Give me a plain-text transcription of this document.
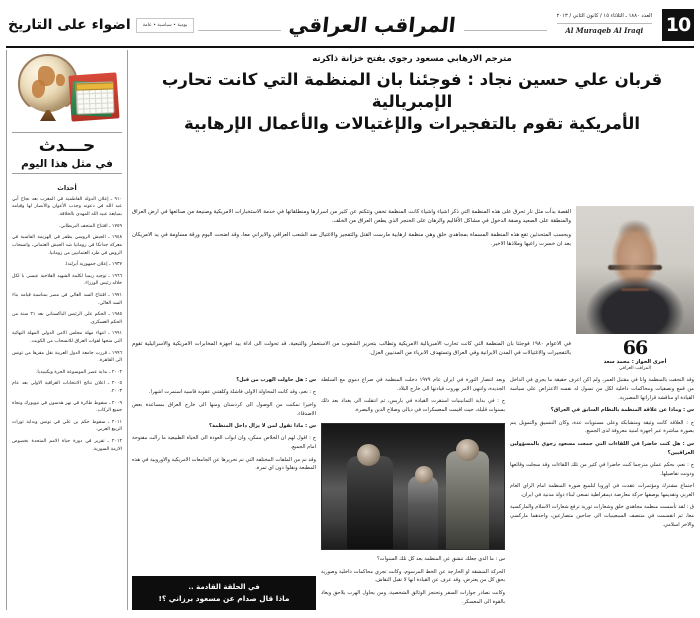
10
العدد ١٨٨٠ ـ الثلاثاء ١٥ / كانون الثاني / ٢٠١٣
Al Muraqeb Al Iraqi
المراقب العراقي
يومية • سياسية • عامة
اضواء على التاريخ
مترجم الارهابي مسعود رجوي يفتح خزانة ذاكرته
قربان علي حسين نجاد : فوجئنا بان المنظمة التي كانت تحارب الإمبريالية
الأمريكية تقوم بالتفجيرات والإغتيالات والأعمال الإرهابية

القصة بدأت مثل نار تحرق على هذه المنظمة التي ذكر اشياء واشياء كانت المنظمة تخفي وتتكتم عن كثير من اسرارها ومنطلقاتها في خدمة الاستخبارات الامريكية وصنيعة من صنائعها في ارض العراق والمنطقة على الصعيد وصفة الدخول في مشاكل الأقاليم والرهان على الخنجر الذي يطعن العراق من الخلف.

وبحسب المتحدثين تقع هذه المنظمة المسماة بمجاهدي خلق وهي منظمة ارهابية مارست القتل والتفجير والاغتيال ضد الشعب العراقي والايراني معا، وقد اضحت اليوم ورقة مساومة في يد الامريكان بعد ان خسرت راعيها وملاذها الاخير.

66
أجرى الحوار : محمد سعد
المراقب العراقي

في الاعوام ١٩٨٠ فوجئنا بان المنظمة التي كانت تحارب الامبريالية الامريكية وتطالب بتحرير الشعوب من الاستعمار والتبعية، قد تحولت الى اداة بيد اجهزة المخابرات الامريكية والاسرائيلية تقوم بالتفجيرات والاغتيالات في المدن الايرانية وفي العراق وتستهدف الابرياء من المدنيين العزل.

وقد التحقت بالمنظمة وانا في مقتبل العمر، ولم اكن اعرف حقيقة ما يجري في الداخل من قمع وتصفيات ومحاكمات داخلية لكل من تسول له نفسه الاعتراض على سياسة القيادة او مناقشة قراراتها المصيرية.

س : وماذا عن علاقة المنظمة بالنظام السابق في العراق؟

ج : العلاقة كانت وثيقة ومتشابكة وعلى مستويات عدة، وكان التنسيق والتمويل يتم بصورة مباشرة عبر اجهزة امنية معروفة لدى الجميع.

س : هل كنت حاضرا في اللقاءات التي جمعت مسعود رجوي بالمسؤولين العراقيين؟

ج : نعم، بحكم عملي مترجما كنت حاضرا في كثير من تلك اللقاءات وقد سجلت وقائعها ودونت تفاصيلها.

اجتماع مشترك ومؤتمرات عقدت في اوروبا لتلميع صورة المنظمة امام الراي العام الغربي وتقديمها بوصفها حركة معارضة ديمقراطية تسعى لبناء دولة مدنية في ايران.

ق : لقد تأسست منظمة مجاهدي خلق وشعارات ثورية ترفع شعارات الاسلام والماركسية معا، ثم انقسمت في منتصف السبعينيات الى جناحين متصارعين، واحدهما ماركسي والاخر اسلامي.

وبعد انتصار الثورة في ايران عام ١٩٧٩ دخلت المنظمة في صراع دموي مع السلطة الجديدة، وانتهى الامر بهروب قيادتها الى خارج البلاد.

ج : في بداية الثمانينيات استقرت القيادة في باريس، ثم انتقلت الى بغداد بعد ذلك بسنوات قليلة، حيث اقيمت المعسكرات في ديالى وصلاح الدين والبصرة.

س : ما الذي جعلك تنشق عن المنظمة بعد كل تلك السنوات؟

الحركة المنشقة او الخارجة عن الخط المرسوم، وكانت تجري محاكمات داخلية وصورية بحق كل من يعترض، وقد عرف عن القيادة انها لا تقبل النقاش.

وكانت تصادر جوازات السفر وتحتجز الوثائق الشخصية، ومن يحاول الهرب يلاحق ويعاد بالقوة الى المعسكر.

س : هل حاولت الهرب من قبل؟

ج : نعم، وقد كانت المحاولة الاولى فاشلة وكلفتني عقوبة قاسية استمرت اشهرا.

واخيرا تمكنت من الوصول الى كردستان ومنها الى خارج العراق بمساعدة بعض الاصدقاء.

س : ماذا تقول لمن لا يزال داخل المنظمة؟

ج : اقول لهم ان الخلاص ممكن، وان ابواب العودة الى الحياة الطبيعية ما زالت مفتوحة امام الجميع.

وقد تم من الملفات المختلفة التي تم تحريرها عن الجامعات الامريكية والاوروبية في هذه المطبعة ونقلوا دون اي ثمرة.

في الحلقة القادمة ..
ماذا قال صدام عن مسعود برزاني ؟!
حـــدث
في مثل هذا اليوم
أحداث

٩١٠ ـ إعلان الدولة الفاطمية في المغرب بعد نجاح أبي عبد الله في دعوته وجذب الأعوان والأنصار لها وقيامه بمبايعة عبيد الله المهدي بالخلافة.

١٧٥٩ ـ افتتاح المتحف البريطاني.

١٩٤٨ ـ الجيش الروسي يظفر في الهزيمة الفاسية في معركة جدانكا في رومانيا ضد الجيش العثماني، وانسحاب الروس في طرد العثمانيين من رومانيا.

١٩٣٧ ـ إعلان جمهورية أيرلندا.

١٩٦٦ ـ توجيه ريمبا لكلمة الشهيد الفلاحية عيسى با لكل خلاله رئيس الوزراء.

١٩٧١ ـ افتتاح السد العالي في مصر بمناسبة قيامه بناء السد العالي.

١٩٨٥ ـ الحكم على الرئيس الباكستاني بعد ٢١ سنة من الحكم العسكري.

١٩٩١ ـ انتهاء مهلة مجلس الامن الدولي المهلة النهائية التي منحها لقوات العراق للانسحاب من الكويت.

١٩٩٦ ـ قررت جامعة الدول العربية نقل مقرها من تونس الى القاهرة.

٢٠٠٢ ـ بداية عصر الموسوعة الحرة ويكيبيديا.

٢٠٠٥ ـ اعلان نتائج الانتخابات العراقية الاولى بعد عام ٢٠٠٣.

٢٠٠٩ ـ سقوط طائرة في نهر هدسون في نيويورك ونجاة جميع الركاب.

٢٠١١ ـ سقوط حكم بن علي في تونس وبداية ثورات الربيع العربي.

٢٠١٢ ـ تقرير في دورة حياة الامم المتحدة بخصوص الازمة السورية.
